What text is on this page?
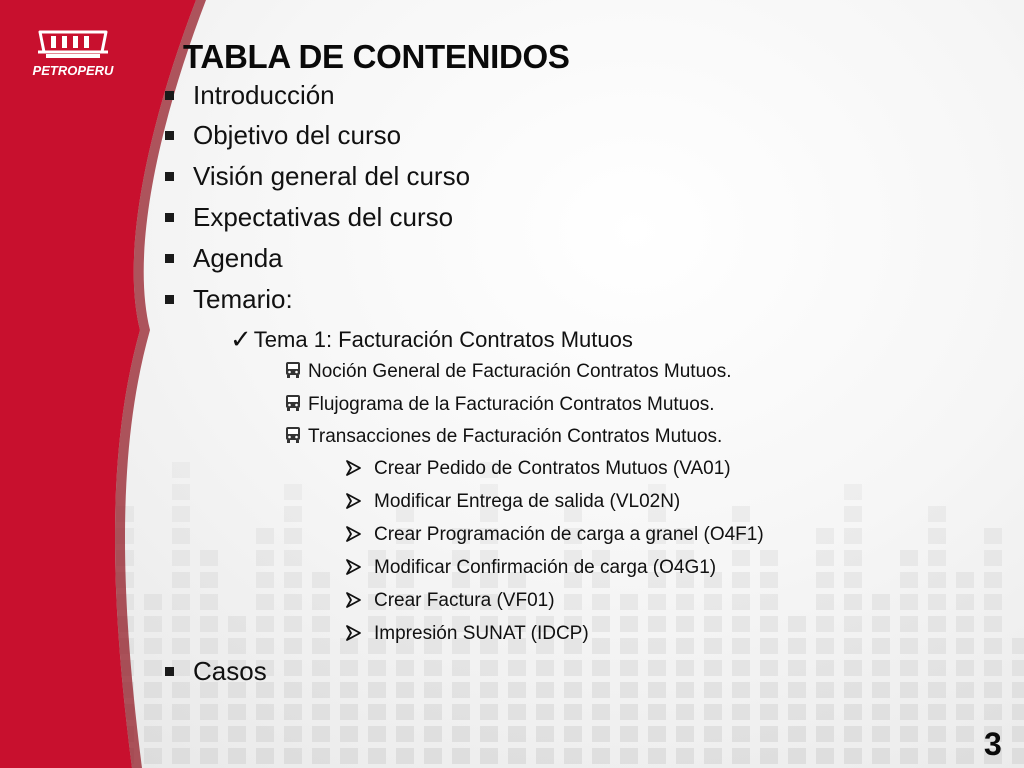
PETROPERU TABLA DE CONTENIDOS
Introducción
Objetivo del curso
Visión general del curso
Expectativas del curso
Agenda
Temario:
✓Tema 1: Facturación Contratos Mutuos
Noción General de Facturación Contratos Mutuos.
Flujograma de la Facturación Contratos Mutuos.
Transacciones de Facturación Contratos Mutuos.
Crear Pedido de Contratos Mutuos (VA01)
Modificar Entrega de salida (VL02N)
Crear Programación de carga a granel (O4F1)
Modificar Confirmación de carga (O4G1)
Crear Factura (VF01)
Impresión SUNAT (IDCP)
Casos
3
